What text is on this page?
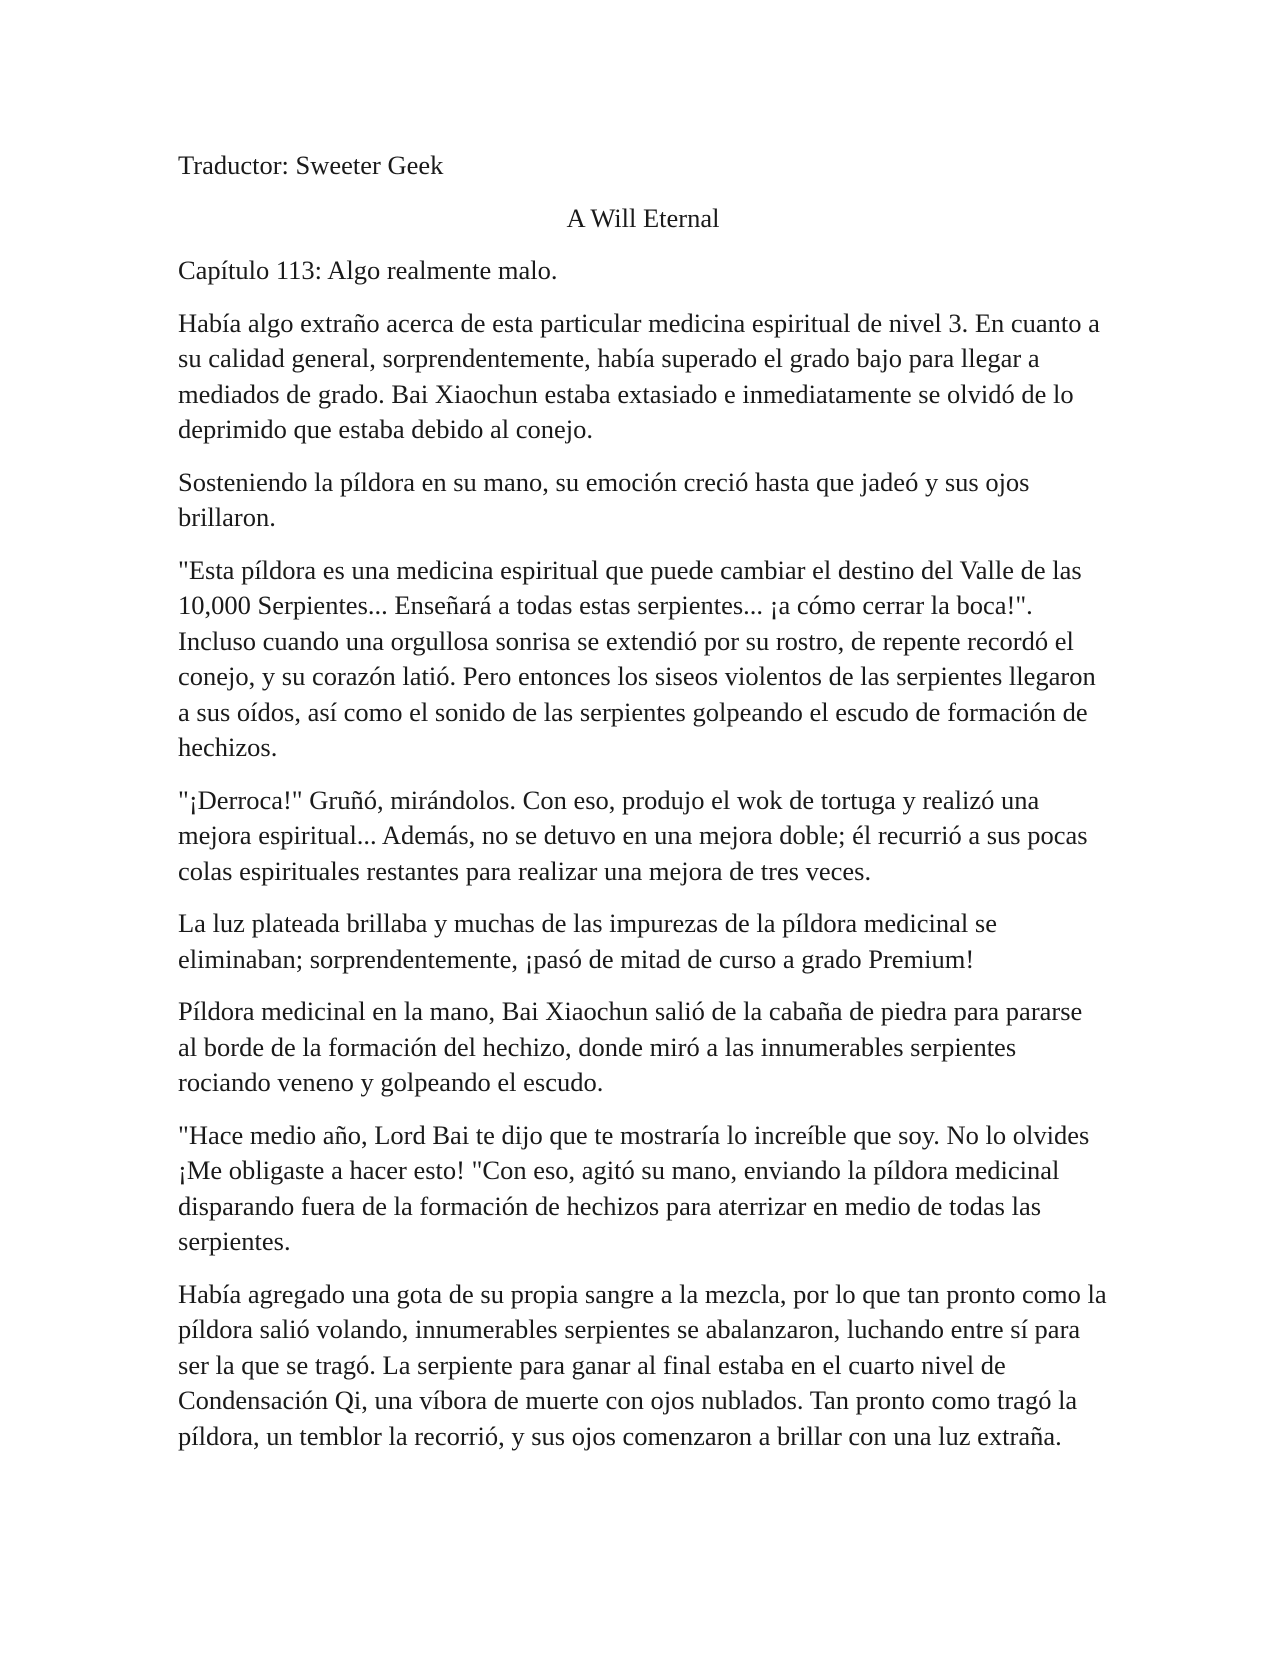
Traductor: Sweeter Geek

A Will Eternal

Capítulo 113: Algo realmente malo.

Había algo extraño acerca de esta particular medicina espiritual de nivel 3. En cuanto a su calidad general, sorprendentemente, había superado el grado bajo para llegar a mediados de grado. Bai Xiaochun estaba extasiado e inmediatamente se olvidó de lo deprimido que estaba debido al conejo.

Sosteniendo la píldora en su mano, su emoción creció hasta que jadeó y sus ojos brillaron.

"Esta píldora es una medicina espiritual que puede cambiar el destino del Valle de las 10,000 Serpientes... Enseñará a todas estas serpientes... ¡a cómo cerrar la boca!". Incluso cuando una orgullosa sonrisa se extendió por su rostro, de repente recordó el conejo, y su corazón latió. Pero entonces los siseos violentos de las serpientes llegaron a sus oídos, así como el sonido de las serpientes golpeando el escudo de formación de hechizos.

"¡Derroca!" Gruñó, mirándolos. Con eso, produjo el wok de tortuga y realizó una mejora espiritual... Además, no se detuvo en una mejora doble; él recurrió a sus pocas colas espirituales restantes para realizar una mejora de tres veces.

La luz plateada brillaba y muchas de las impurezas de la píldora medicinal se eliminaban; sorprendentemente, ¡pasó de mitad de curso a grado Premium!

Píldora medicinal en la mano, Bai Xiaochun salió de la cabaña de piedra para pararse al borde de la formación del hechizo, donde miró a las innumerables serpientes rociando veneno y golpeando el escudo.

"Hace medio año, Lord Bai te dijo que te mostraría lo increíble que soy. No lo olvides ¡Me obligaste a hacer esto! "Con eso, agitó su mano, enviando la píldora medicinal disparando fuera de la formación de hechizos para aterrizar en medio de todas las serpientes.

Había agregado una gota de su propia sangre a la mezcla, por lo que tan pronto como la píldora salió volando, innumerables serpientes se abalanzaron, luchando entre sí para ser la que se tragó. La serpiente para ganar al final estaba en el cuarto nivel de Condensación Qi, una víbora de muerte con ojos nublados. Tan pronto como tragó la píldora, un temblor la recorrió, y sus ojos comenzaron a brillar con una luz extraña.
